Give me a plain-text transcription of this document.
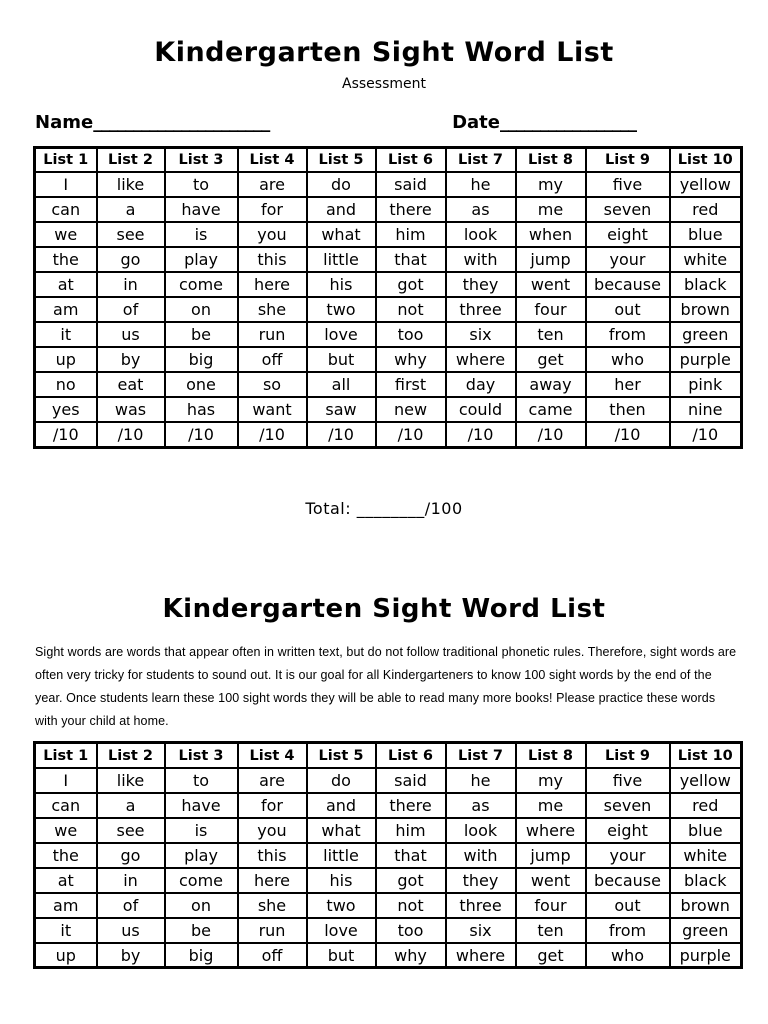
Kindergarten Sight Word List
Assessment
Name______________________	Date_________________
List 1	List 2	List 3	List 4	List 5	List 6	List 7	List 8	List 9	List 10
I	like	to	are	do	said	he	my	five	yellow
can	a	have	for	and	there	as	me	seven	red
we	see	is	you	what	him	look	when	eight	blue
the	go	play	this	little	that	with	jump	your	white
at	in	come	here	his	got	they	went	because	black
am	of	on	she	two	not	three	four	out	brown
it	us	be	run	love	too	six	ten	from	green
up	by	big	off	but	why	where	get	who	purple
no	eat	one	so	all	first	day	away	her	pink
yes	was	has	want	saw	new	could	came	then	nine
/10	/10	/10	/10	/10	/10	/10	/10	/10	/10
Total: ________/100
Kindergarten Sight Word List

Sight words are words that appear often in written text, but do not follow traditional phonetic rules. Therefore, sight words are often very tricky for students to sound out. It is our goal for all Kindergarteners to know 100 sight words by the end of the year. Once students learn these 100 sight words they will be able to read many more books! Please practice these words with your child at home.

List 1	List 2	List 3	List 4	List 5	List 6	List 7	List 8	List 9	List 10
I	like	to	are	do	said	he	my	five	yellow
can	a	have	for	and	there	as	me	seven	red
we	see	is	you	what	him	look	where	eight	blue
the	go	play	this	little	that	with	jump	your	white
at	in	come	here	his	got	they	went	because	black
am	of	on	she	two	not	three	four	out	brown
it	us	be	run	love	too	six	ten	from	green
up	by	big	off	but	why	where	get	who	purple
